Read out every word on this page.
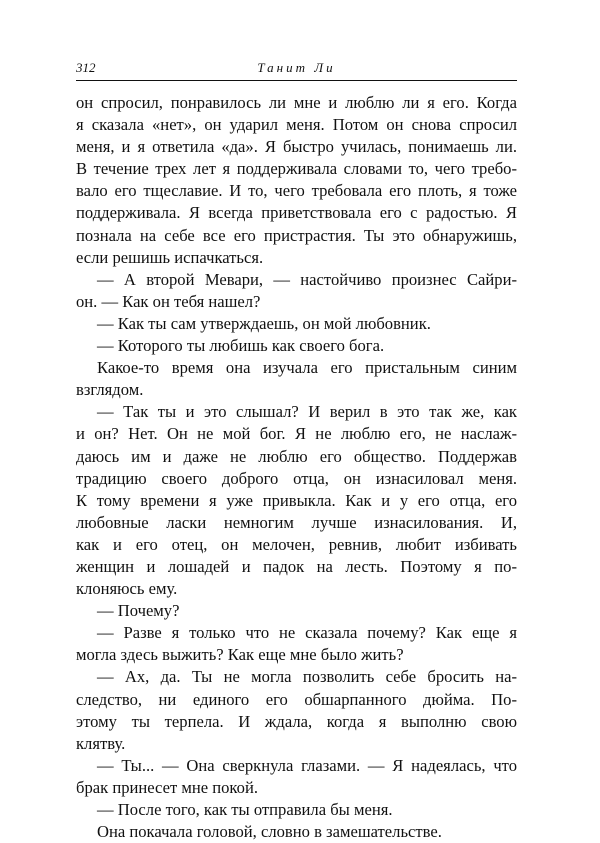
312	Танит Ли
он спросил, понравилось ли мне и люблю ли я его. Когда
я сказала «нет», он ударил меня. Потом он снова спросил
меня, и я ответила «да». Я быстро училась, понимаешь ли.
В течение трех лет я поддерживала словами то, чего требо-
вало его тщеславие. И то, чего требовала его плоть, я тоже
поддерживала. Я всегда приветствовала его с радостью. Я
познала на себе все его пристрастия. Ты это обнаружишь,
если решишь испачкаться.
— А второй Мевари, — настойчиво произнес Сайри-
он. — Как он тебя нашел?
— Как ты сам утверждаешь, он мой любовник.
— Которого ты любишь как своего бога.
Какое-то время она изучала его пристальным синим
взглядом.
— Так ты и это слышал? И верил в это так же, как
и он? Нет. Он не мой бог. Я не люблю его, не наслаж-
даюсь им и даже не люблю его общество. Поддержав
традицию своего доброго отца, он изнасиловал меня.
К тому времени я уже привыкла. Как и у его отца, его
любовные ласки немногим лучше изнасилования. И,
как и его отец, он мелочен, ревнив, любит избивать
женщин и лошадей и падок на лесть. Поэтому я по-
клоняюсь ему.
— Почему?
— Разве я только что не сказала почему? Как еще я
могла здесь выжить? Как еще мне было жить?
— Ах, да. Ты не могла позволить себе бросить на-
следство, ни единого его обшарпанного дюйма. По-
этому ты терпела. И ждала, когда я выполню свою
клятву.
— Ты... — Она сверкнула глазами. — Я надеялась, что
брак принесет мне покой.
— После того, как ты отправила бы меня.
Она покачала головой, словно в замешательстве.
